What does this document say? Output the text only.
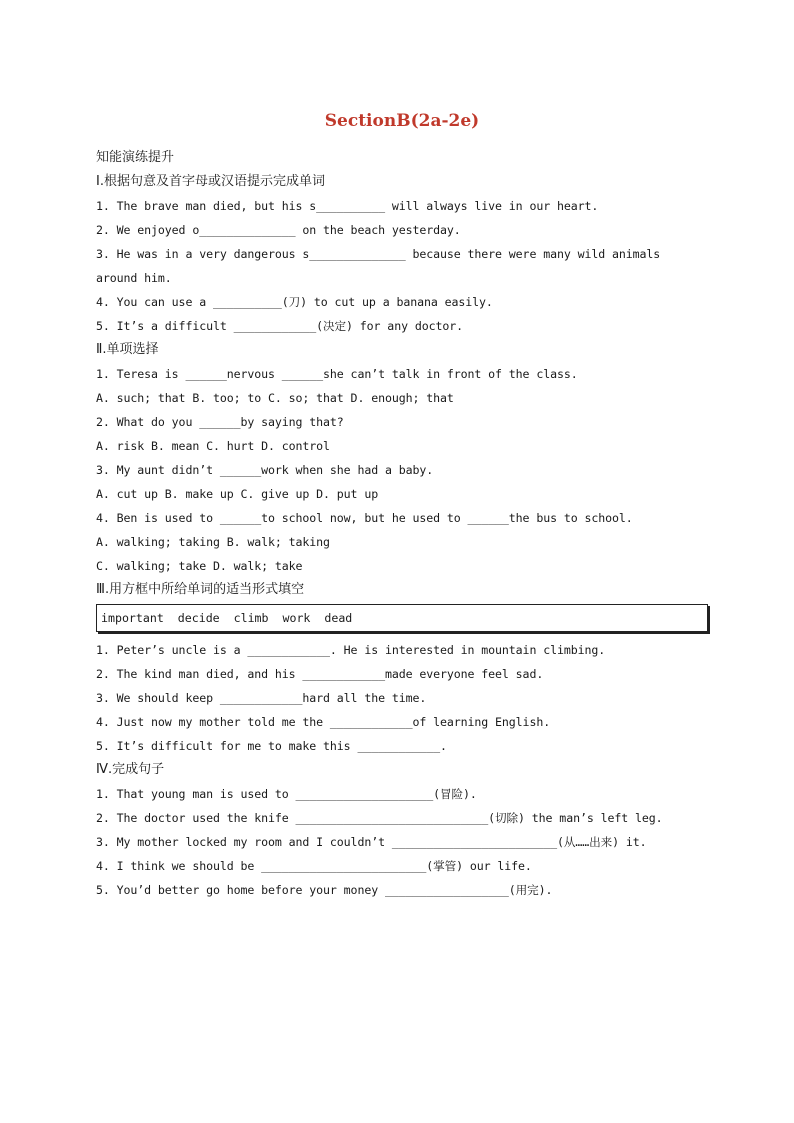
SectionB(2a-2e)
知能演练提升
Ⅰ.根据句意及首字母或汉语提示完成单词
1. The brave man died, but his s__________ will always live in our heart.
2. We enjoyed o______________ on the beach yesterday.
3. He was in a very dangerous s______________ because there were many wild animals
around him.
4. You can use a __________(刀) to cut up a banana easily.
5. It’s a difficult ____________(决定) for any doctor.
Ⅱ.单项选择
1. Teresa is ______nervous ______she can’t talk in front of the class.
A. such; that B. too; to C. so; that D. enough; that
2. What do you ______by saying that?
A. risk B. mean C. hurt D. control
3. My aunt didn’t ______work when she had a baby.
A. cut up B. make up C. give up D. put up
4. Ben is used to ______to school now, but he used to ______the bus to school.
A. walking; taking B. walk; taking
C. walking; take D. walk; take
Ⅲ.用方框中所给单词的适当形式填空
important  decide  climb  work  dead
1. Peter’s uncle is a ____________. He is interested in mountain climbing.
2. The kind man died, and his ____________made everyone feel sad.
3. We should keep ____________hard all the time.
4. Just now my mother told me the ____________of learning English.
5. It’s difficult for me to make this ____________.
Ⅳ.完成句子
1. That young man is used to ____________________(冒险).
2. The doctor used the knife ____________________________(切除) the man’s left leg.
3. My mother locked my room and I couldn’t ________________________(从……出来) it.
4. I think we should be ________________________(掌管) our life.
5. You’d better go home before your money __________________(用完).
